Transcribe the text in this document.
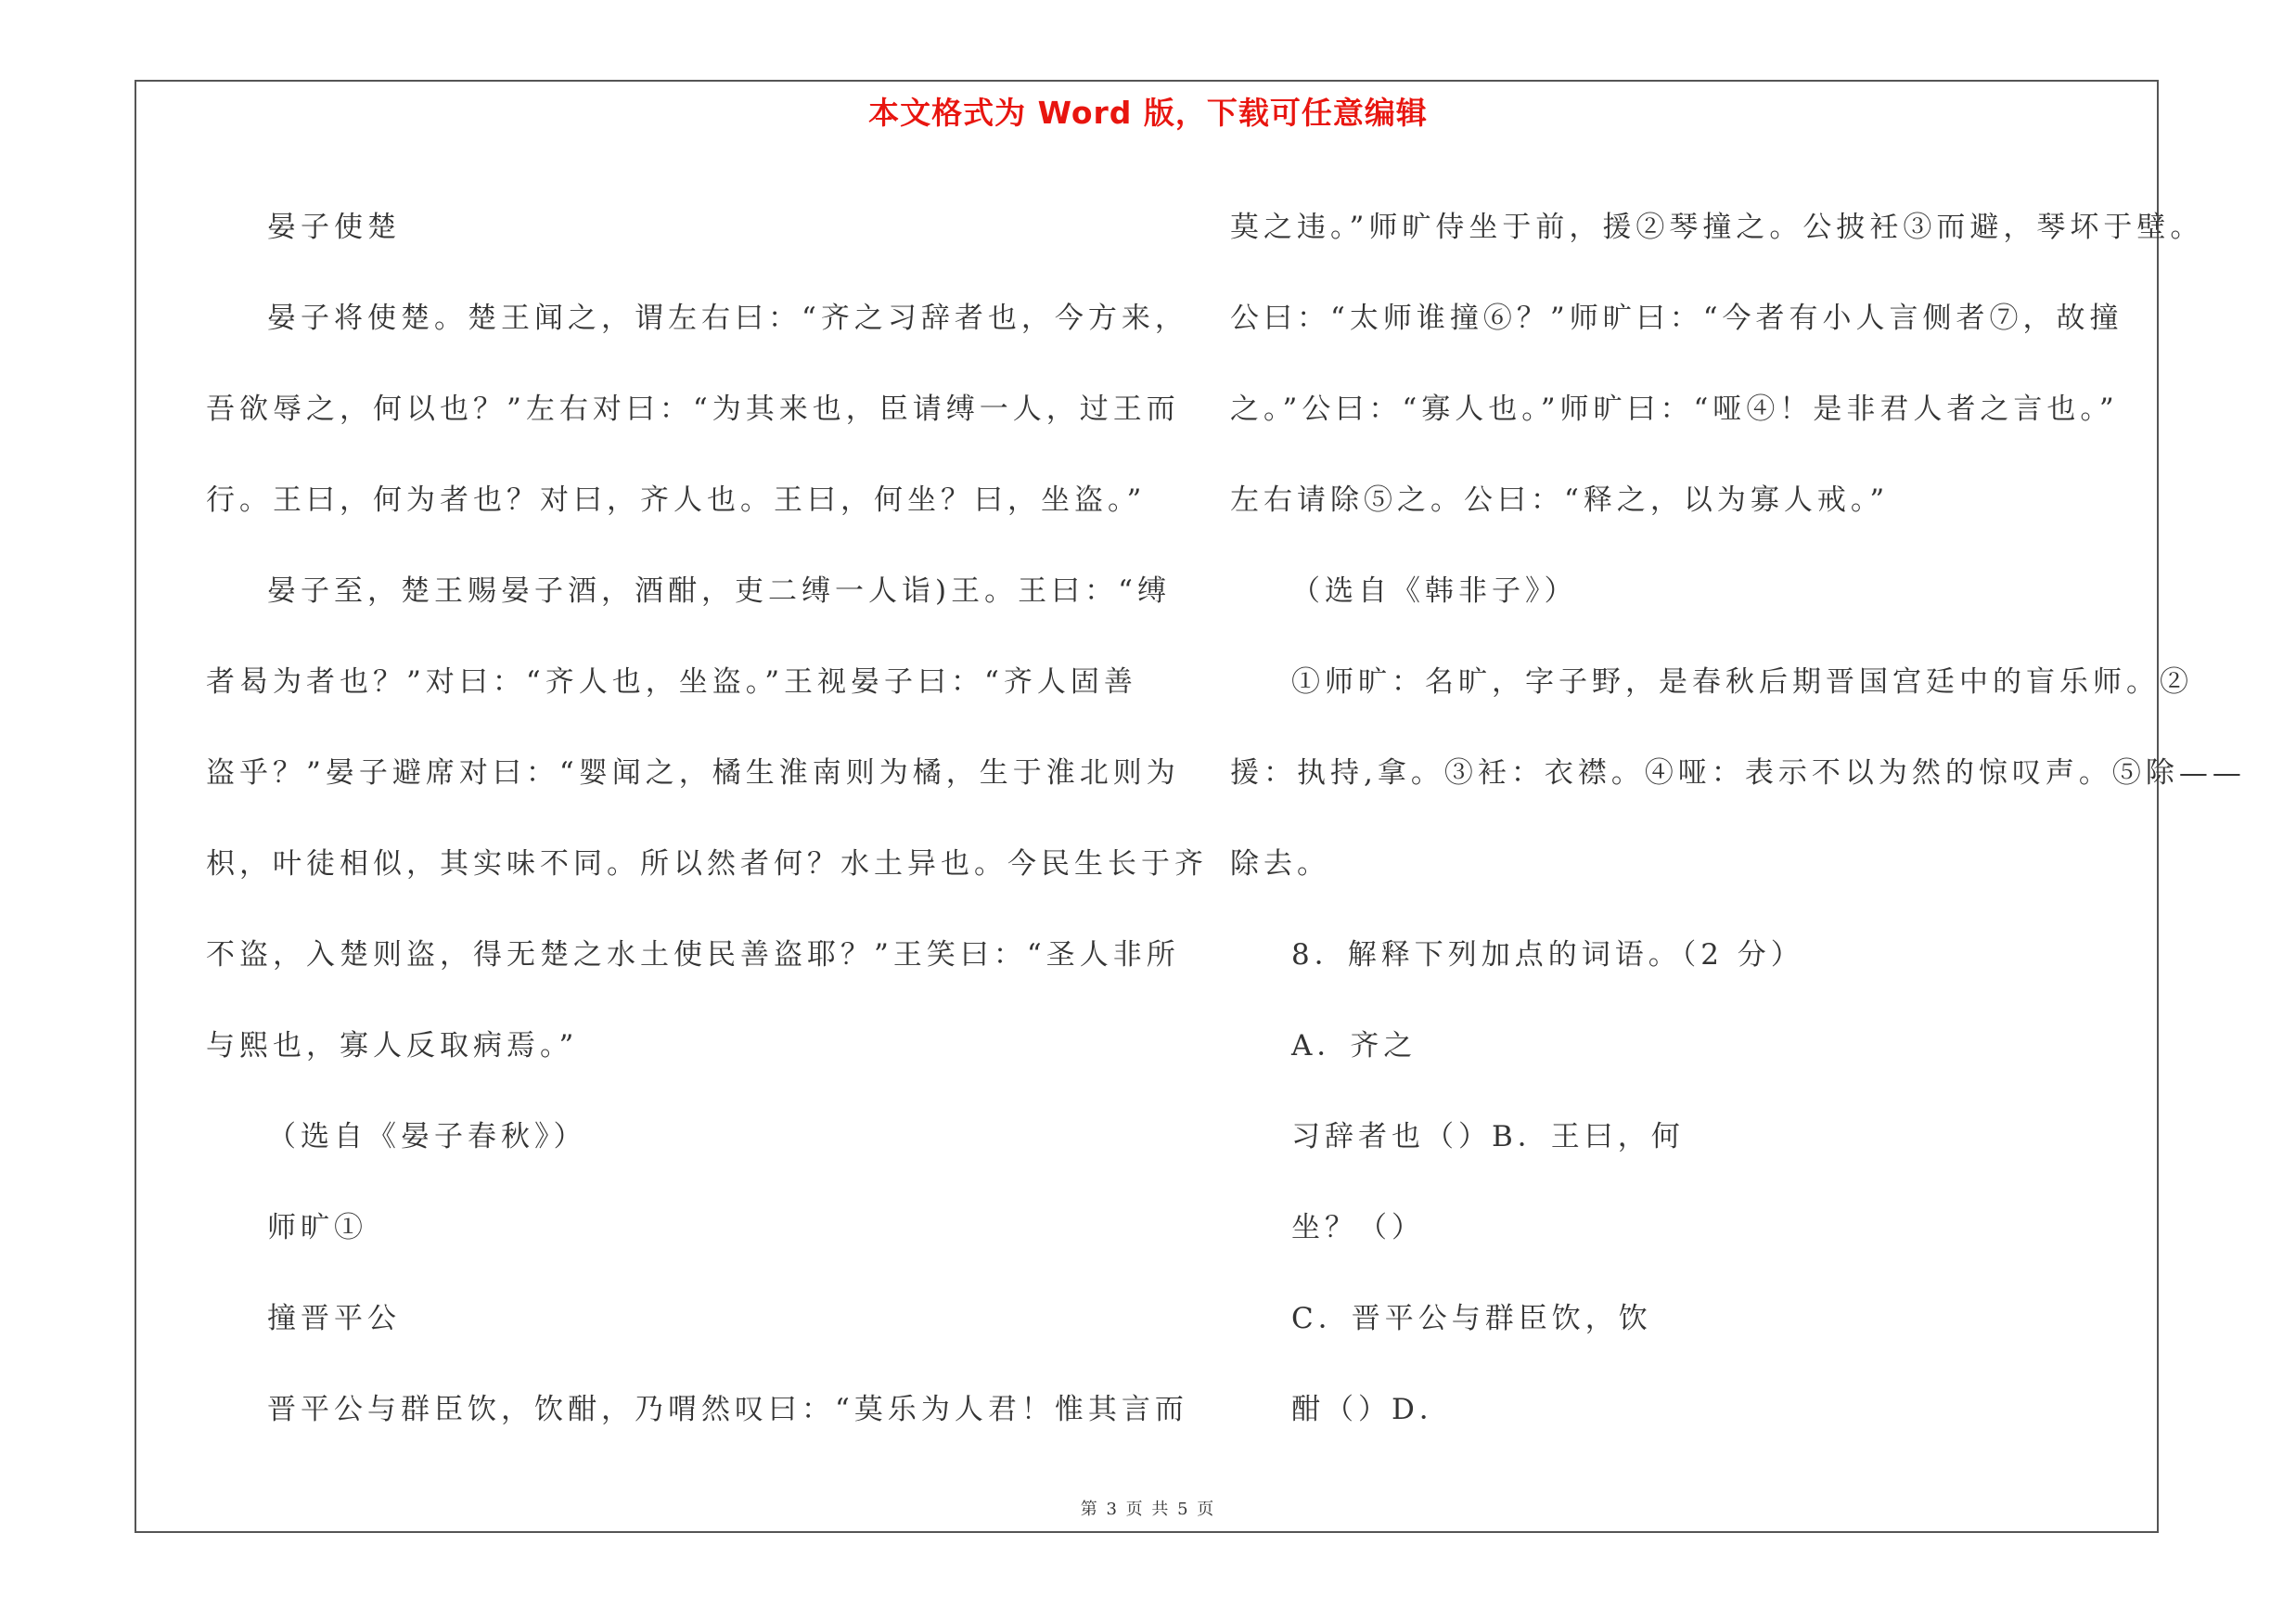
本文格式为 Word 版，下载可任意编辑
晏子使楚
晏子将使楚。楚王闻之，谓左右曰：“齐之习辞者也，今方来，
吾欲辱之，何以也？”左右对曰：“为其来也，臣请缚一人，过王而
行。王曰，何为者也？对曰，齐人也。王曰，何坐？曰，坐盗。”
晏子至，楚王赐晏子酒，酒酣，吏二缚一人诣)王。王曰：“缚
者曷为者也？”对曰：“齐人也，坐盗。”王视晏子曰：“齐人固善
盗乎？”晏子避席对曰：“婴闻之，橘生淮南则为橘，生于淮北则为
枳，叶徒相似，其实味不同。所以然者何？水土异也。今民生长于齐
不盗，入楚则盗，得无楚之水土使民善盗耶？”王笑曰：“圣人非所
与熙也，寡人反取病焉。”
（选自《晏子春秋》）
师旷①
撞晋平公
晋平公与群臣饮，饮酣，乃喟然叹曰：“莫乐为人君！惟其言而
莫之违。”师旷侍坐于前，援②琴撞之。公披衽③而避，琴坏于壁。
公曰：“太师谁撞⑥？”师旷曰：“今者有小人言侧者⑦，故撞
之。”公曰：“寡人也。”师旷曰：“哑④！是非君人者之言也。”
左右请除⑤之。公曰：“释之，以为寡人戒。”
（选自《韩非子》）
①师旷：名旷，字子野，是春秋后期晋国宫廷中的盲乐师。②
援：执持,拿。③衽：衣襟。④哑：表示不以为然的惊叹声。⑤除——
除去。
8．解释下列加点的词语。（2 分）
A．齐之
习辞者也（）B．王曰，何
坐？（）
C．晋平公与群臣饮，饮
酣（）D．
第 3 页 共 5 页
